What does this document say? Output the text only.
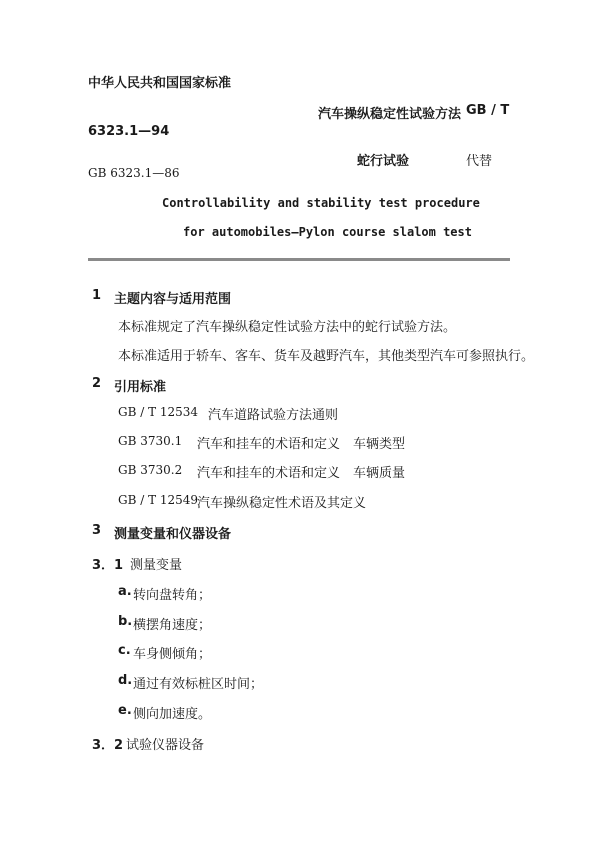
中华人民共和国国家标准
汽车操纵稳定性试验方法 GB / T
6323.1—94
蛇行试验	代替
GB 6323.1—86
Controllability and stability test procedure
for automobiles—Pylon course slalom test
1 主题内容与适用范围
本标准规定了汽车操纵稳定性试验方法中的蛇行试验方法。
本标准适用于轿车、客车、货车及越野汽车，其他类型汽车可参照执行。
2 引用标准
GB / T 12534 汽车道路试验方法通则
GB 3730.1 汽车和挂车的术语和定义　车辆类型
GB 3730.2 汽车和挂车的术语和定义　车辆质量
GB / T 12549
汽车操纵稳定性术语及其定义
3 测量变量和仪器设备
3．1 测量变量
a. 转向盘转角；
b. 横摆角速度；
c. 车身侧倾角；
d. 通过有效标桩区时间；
e. 侧向加速度。
3．2 试验仪器设备
